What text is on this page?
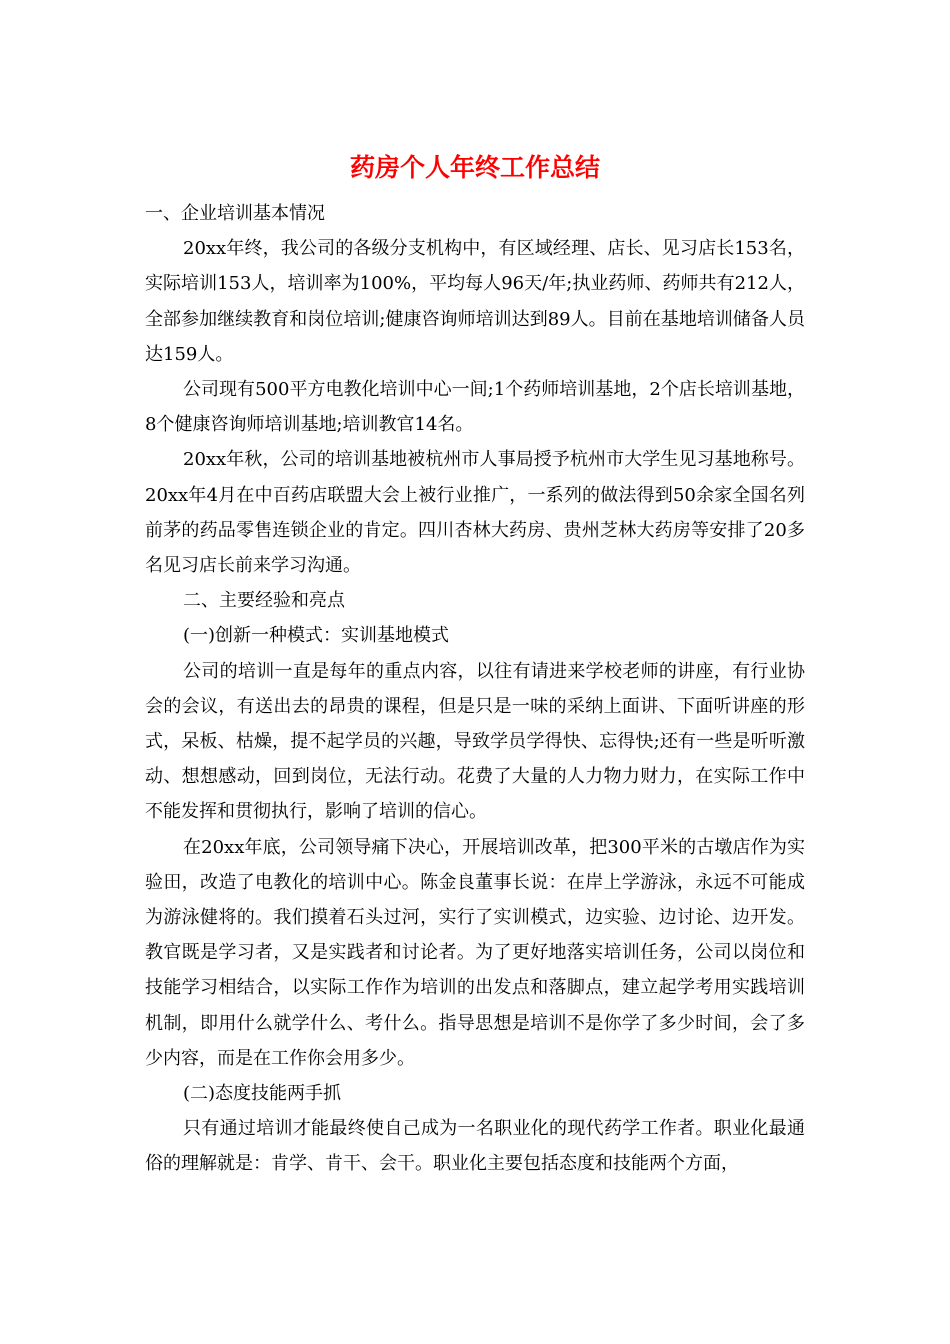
药房个人年终工作总结

一、企业培训基本情况

20xx年终，我公司的各级分支机构中，有区域经理、店长、见习店长153名，实际培训153人，培训率为100%，平均每人96天/年;执业药师、药师共有212人，全部参加继续教育和岗位培训;健康咨询师培训达到89人。目前在基地培训储备人员达159人。

公司现有500平方电教化培训中心一间;1个药师培训基地，2个店长培训基地，8个健康咨询师培训基地;培训教官14名。

20xx年秋，公司的培训基地被杭州市人事局授予杭州市大学生见习基地称号。20xx年4月在中百药店联盟大会上被行业推广，一系列的做法得到50余家全国名列前茅的药品零售连锁企业的肯定。四川杏林大药房、贵州芝林大药房等安排了20多名见习店长前来学习沟通。

二、主要经验和亮点

(一)创新一种模式：实训基地模式

公司的培训一直是每年的重点内容，以往有请进来学校老师的讲座，有行业协会的会议，有送出去的昂贵的课程，但是只是一味的采纳上面讲、下面听讲座的形式，呆板、枯燥，提不起学员的兴趣，导致学员学得快、忘得快;还有一些是听听激动、想想感动，回到岗位，无法行动。花费了大量的人力物力财力，在实际工作中不能发挥和贯彻执行，影响了培训的信心。

在20xx年底，公司领导痛下决心，开展培训改革，把300平米的古墩店作为实验田，改造了电教化的培训中心。陈金良董事长说：在岸上学游泳，永远不可能成为游泳健将的。我们摸着石头过河，实行了实训模式，边实验、边讨论、边开发。教官既是学习者，又是实践者和讨论者。为了更好地落实培训任务，公司以岗位和技能学习相结合，以实际工作作为培训的出发点和落脚点，建立起学考用实践培训机制，即用什么就学什么、考什么。指导思想是培训不是你学了多少时间，会了多少内容，而是在工作你会用多少。

(二)态度技能两手抓

只有通过培训才能最终使自己成为一名职业化的现代药学工作者。职业化最通俗的理解就是：肯学、肯干、会干。职业化主要包括态度和技能两个方面，
